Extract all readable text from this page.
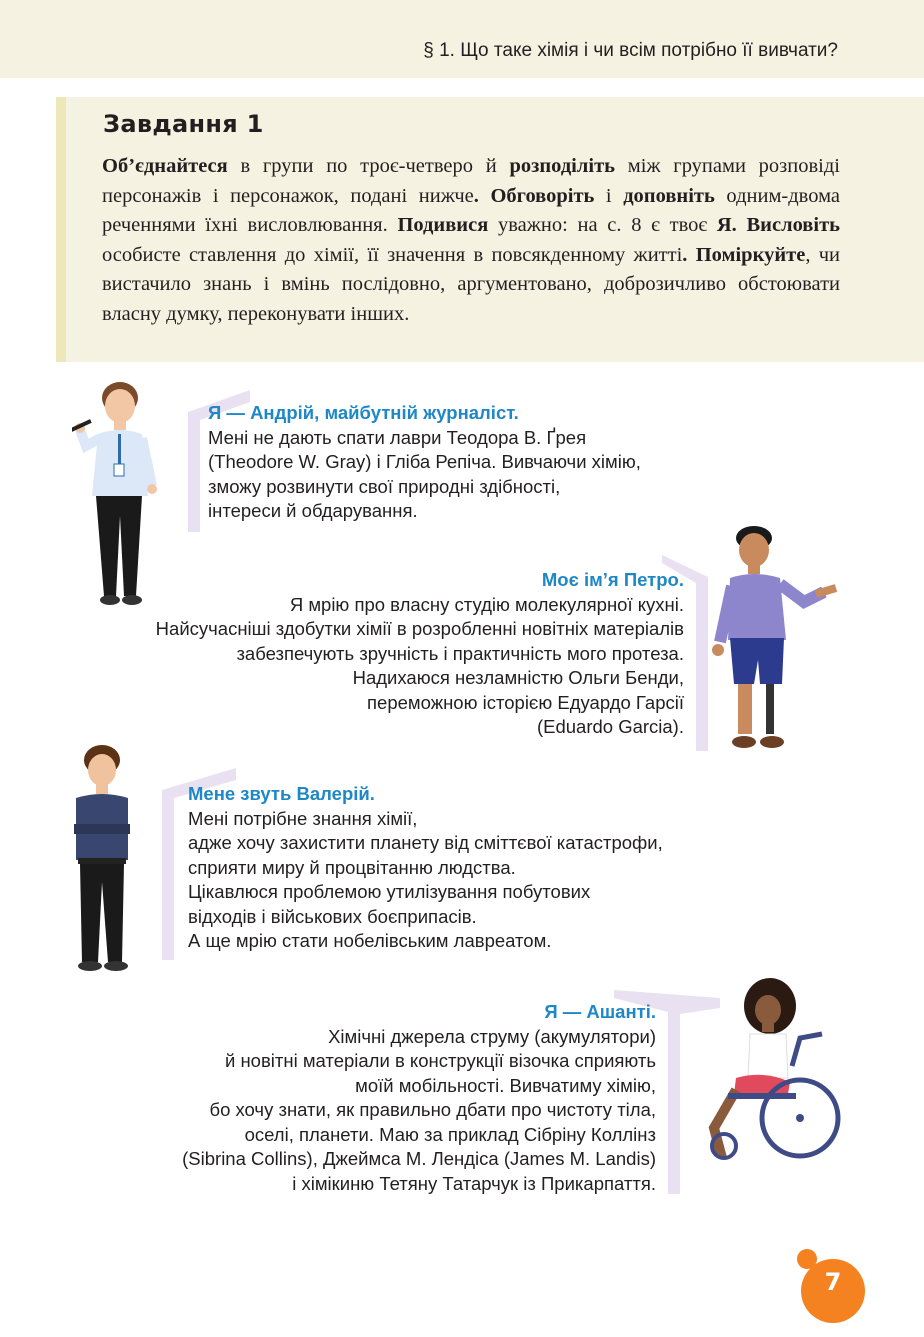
§ 1. Що таке хімія і чи всім потрібно її вивчати?
Завдання 1
Об’єднайтеся в групи по троє-четверо й розподіліть між групами розповіді персонажів і персонажок, подані нижче. Обговоріть і доповніть одним-двома реченнями їхні висловлювання. Подивися уважно: на с. 8 є твоє Я. Висловіть особисте ставлення до хімії, її значення в повсякденному житті. Поміркуйте, чи вистачило знань і вмінь послідовно, аргументовано, доброзичливо обстоювати власну думку, переконувати інших.
Я — Андрій, майбутній журналіст.
Мені не дають спати лаври Теодора В. Ґрея
(Theodore W. Gray) і Гліба Репіча. Вивчаючи хімію,
зможу розвинути свої природні здібності,
інтереси й обдарування.
Моє ім’я Петро.
Я мрію про власну студію молекулярної кухні.
Найсучасніші здобутки хімії в розробленні новітніх матеріалів
забезпечують зручність і практичність мого протеза.
Надихаюся незламністю Ольги Бенди,
переможною історією Едуардо Гарсії
(Eduardo Garcia).
Мене звуть Валерій.
Мені потрібне знання хімії,
адже хочу захистити планету від сміттєвої катастрофи,
сприяти миру й процвітанню людства.
Цікавлюся проблемою утилізування побутових
відходів і військових боєприпасів.
А ще мрію стати нобелівським лавреатом.
Я — Ашанті.
Хімічні джерела струму (акумулятори)
й новітні матеріали в конструкції візочка сприяють
моїй мобільності. Вивчатиму хімію,
бо хочу знати, як правильно дбати про чистоту тіла,
оселі, планети. Маю за приклад Сібріну Коллінз
(Sibrina Collins), Джеймса М. Лендіса (James M. Landis)
і хімікиню Тетяну Татарчук із Прикарпаття.
7
